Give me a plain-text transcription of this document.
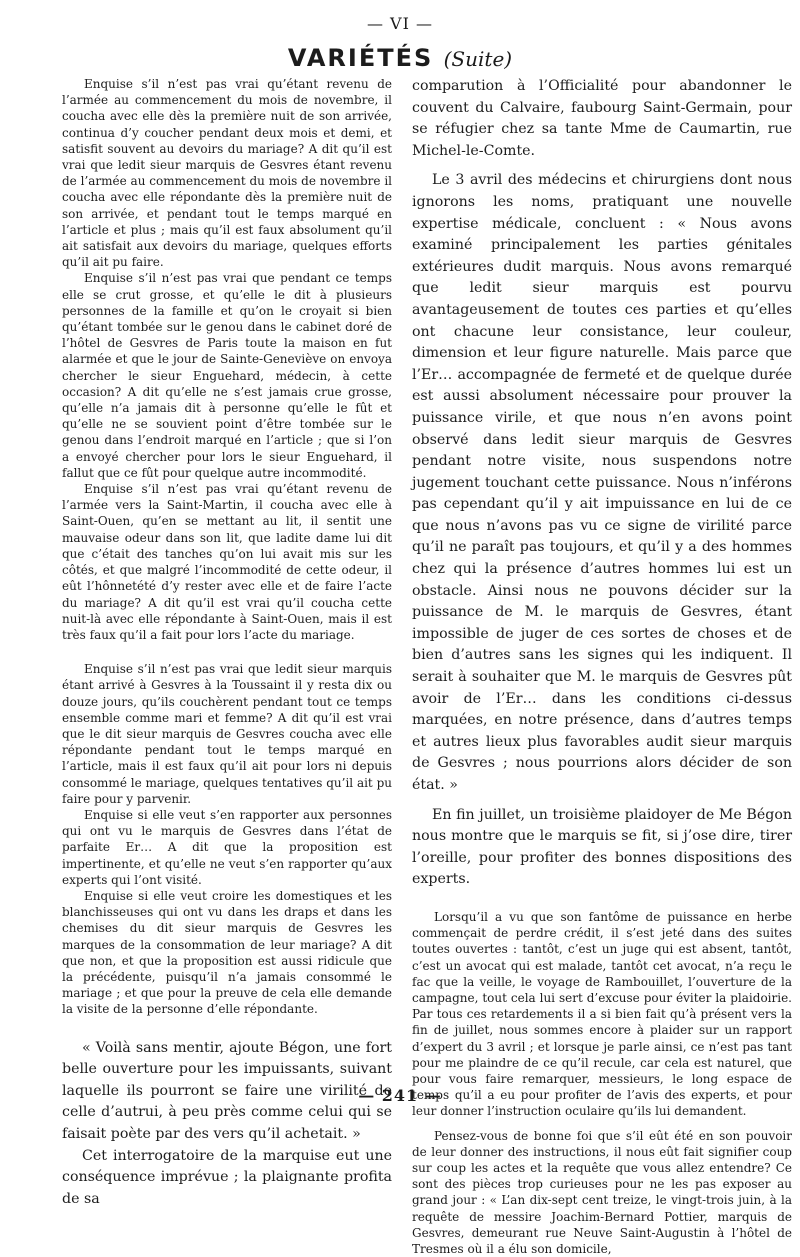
— VI —
VARIÉTÉS (Suite)

Enquise s’il n’est pas vrai qu’étant revenu de l’armée au commencement du mois de novembre, il coucha avec elle dès la première nuit de son arrivée, continua d’y coucher pendant deux mois et demi, et satisfit souvent au devoirs du mariage? A dit qu’il est vrai que ledit sieur marquis de Gesvres étant revenu de l’armée au commencement du mois de novembre il coucha avec elle répondante dès la première nuit de son arrivée, et pendant tout le temps marqué en l’article et plus ; mais qu’il est faux absolument qu’il ait satisfait aux devoirs du mariage, quelques efforts qu’il ait pu faire.

Enquise s’il n’est pas vrai que pendant ce temps elle se crut grosse, et qu’elle le dit à plusieurs personnes de la famille et qu’on le croyait si bien qu’étant tombée sur le genou dans le cabinet doré de l’hôtel de Gesvres de Paris toute la maison en fut alarmée et que le jour de Sainte-Geneviève on envoya chercher le sieur Enguehard, médecin, à cette occasion? A dit qu’elle ne s’est jamais crue grosse, qu’elle n’a jamais dit à personne qu’elle le fût et qu’elle ne se souvient point d’être tombée sur le genou dans l’endroit marqué en l’article ; que si l’on a envoyé chercher pour lors le sieur Enguehard, il fallut que ce fût pour quelque autre incommodité.

Enquise s’il n’est pas vrai qu’étant revenu de l’armée vers la Saint-Martin, il coucha avec elle à Saint-Ouen, qu’en se mettant au lit, il sentit une mauvaise odeur dans son lit, que ladite dame lui dit que c’était des tanches qu’on lui avait mis sur les côtés, et que malgré l’incommodité de cette odeur, il eût l’hônnetété d’y rester avec elle et de faire l’acte du mariage? A dit qu’il est vrai qu’il coucha cette nuit-là avec elle répondante à Saint-Ouen, mais il est très faux qu’il a fait pour lors l’acte du mariage.

Enquise s’il n’est pas vrai que ledit sieur marquis étant arrivé à Gesvres à la Toussaint il y resta dix ou douze jours, qu’ils couchèrent pendant tout ce temps ensemble comme mari et femme? A dit qu’il est vrai que le dit sieur marquis de Gesvres coucha avec elle répondante pendant tout le temps marqué en l’article, mais il est faux qu’il ait pour lors ni depuis consommé le mariage, quelques tentatives qu’il ait pu faire pour y parvenir.

Enquise si elle veut s’en rapporter aux personnes qui ont vu le marquis de Gesvres dans l’état de parfaite Er… A dit que la proposition est impertinente, et qu’elle ne veut s’en rapporter qu’aux experts qui l’ont visité.

Enquise si elle veut croire les domestiques et les blanchisseuses qui ont vu dans les draps et dans les chemises du dit sieur marquis de Gesvres les marques de la consommation de leur mariage? A dit que non, et que la proposition est aussi ridicule que la précédente, puisqu’il n’a jamais consommé le mariage ; et que pour la preuve de cela elle demande la visite de la personne d’elle répondante.

« Voilà sans mentir, ajoute Bégon, une fort belle ouverture pour les impuissants, suivant laquelle ils pourront se faire une virilité de celle d’autrui, à peu près comme celui qui se faisait poète par des vers qu’il achetait. »

Cet interrogatoire de la marquise eut une conséquence imprévue ; la plaignante profita de sa

comparution à l’Officialité pour abandonner le couvent du Calvaire, faubourg Saint-Germain, pour se réfugier chez sa tante Mme de Caumartin, rue Michel-le-Comte.

Le 3 avril des médecins et chirurgiens dont nous ignorons les noms, pratiquant une nouvelle expertise médicale, concluent : « Nous avons examiné principalement les parties génitales extérieures dudit marquis. Nous avons remarqué que ledit sieur marquis est pourvu avantageusement de toutes ces parties et qu’elles ont chacune leur consistance, leur couleur, dimension et leur figure naturelle. Mais parce que l’Er… accompagnée de fermeté et de quelque durée est aussi absolument nécessaire pour prouver la puissance virile, et que nous n’en avons point observé dans ledit sieur marquis de Gesvres pendant notre visite, nous suspendons notre jugement touchant cette puissance. Nous n’inférons pas cependant qu’il y ait impuissance en lui de ce que nous n’avons pas vu ce signe de virilité parce qu’il ne paraît pas toujours, et qu’il y a des hommes chez qui la présence d’autres hommes lui est un obstacle. Ainsi nous ne pouvons décider sur la puissance de M. le marquis de Gesvres, étant impossible de juger de ces sortes de choses et de bien d’autres sans les signes qui les indiquent. Il serait à souhaiter que M. le marquis de Gesvres pût avoir de l’Er… dans les conditions ci-dessus marquées, en notre présence, dans d’autres temps et autres lieux plus favorables audit sieur marquis de Gesvres ; nous pourrions alors décider de son état. »

En fin juillet, un troisième plaidoyer de Me Bégon nous montre que le marquis se fit, si j’ose dire, tirer l’oreille, pour profiter des bonnes dispositions des experts.

Lorsqu’il a vu que son fantôme de puissance en herbe commençait de perdre crédit, il s’est jeté dans des suites toutes ouvertes : tantôt, c’est un juge qui est absent, tantôt, c’est un avocat qui est malade, tantôt cet avocat, n’a reçu le fac que la veille, le voyage de Rambouillet, l’ouverture de la campagne, tout cela lui sert d’excuse pour éviter la plaidoirie. Par tous ces retardements il a si bien fait qu’à présent vers la fin de juillet, nous sommes encore à plaider sur un rapport d’expert du 3 avril ; et lorsque je parle ainsi, ce n’est pas tant pour me plaindre de ce qu’il recule, car cela est naturel, que pour vous faire remarquer, messieurs, le long espace de temps qu’il a eu pour profiter de l’avis des experts, et pour leur donner l’instruction oculaire qu’ils lui demandent.

Pensez-vous de bonne foi que s’il eût été en son pouvoir de leur donner des instructions, il nous eût fait signifier coup sur coup les actes et la requête que vous allez entendre? Ce sont des pièces trop curieuses pour ne les pas exposer au grand jour : « L’an dix-sept cent treize, le vingt-trois juin, à la requête de messire Joachim-Bernard Pottier, marquis de Gesvres, demeurant rue Neuve Saint-Augustin à l’hôtel de Tresmes où il a élu son domicile,

— 241 —
